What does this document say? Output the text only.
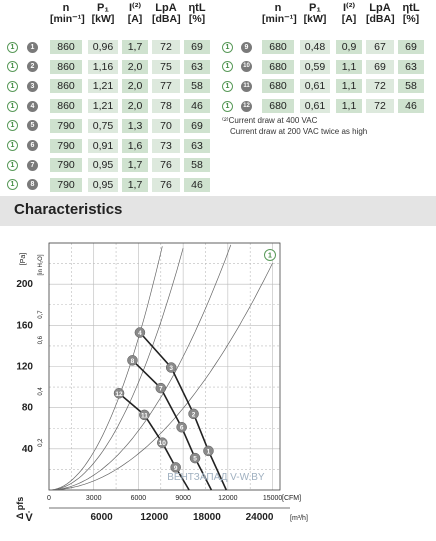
n
[min⁻¹]
P₁
[kW]
I⁽²⁾
[A]
LpA
[dBA]
ηtL
[%]
n
[min⁻¹]
P₁
[kW]
I⁽²⁾
[A]
LpA
[dBA]
ηtL
[%]
1	1	860	0,96	1,7	72	69
1	2	860	1,16	2,0	75	63
1	3	860	1,21	2,0	77	58
1	4	860	1,21	2,0	78	46
1	5	790	0,75	1,3	70	69
1	6	790	0,91	1,6	73	63
1	7	790	0,95	1,7	76	58
1	8	790	0,95	1,7	76	46
1	9	680	0,48	0,9	67	69
1	10	680	0,59	1,1	69	63
1	11	680	0,61	1,1	72	58
1	12	680	0,61	1,1	72	46
⁽²⁾Current draw at 400 VAC
Current draw at 200 VAC twice as high
Characteristics
4
3
2
1
8
7
6
5
12
11
10
9
1
40
80
120
160
200
[Pa] [in H₂O]
0,2
0,4
0,6
0,7
Δ pfs	0	3000	6000	9000	12000	15000 [CFM]
6000	12000 18000 24000 [m³/h]
V̇
ВЕНТЗАПАД V-W.BY
